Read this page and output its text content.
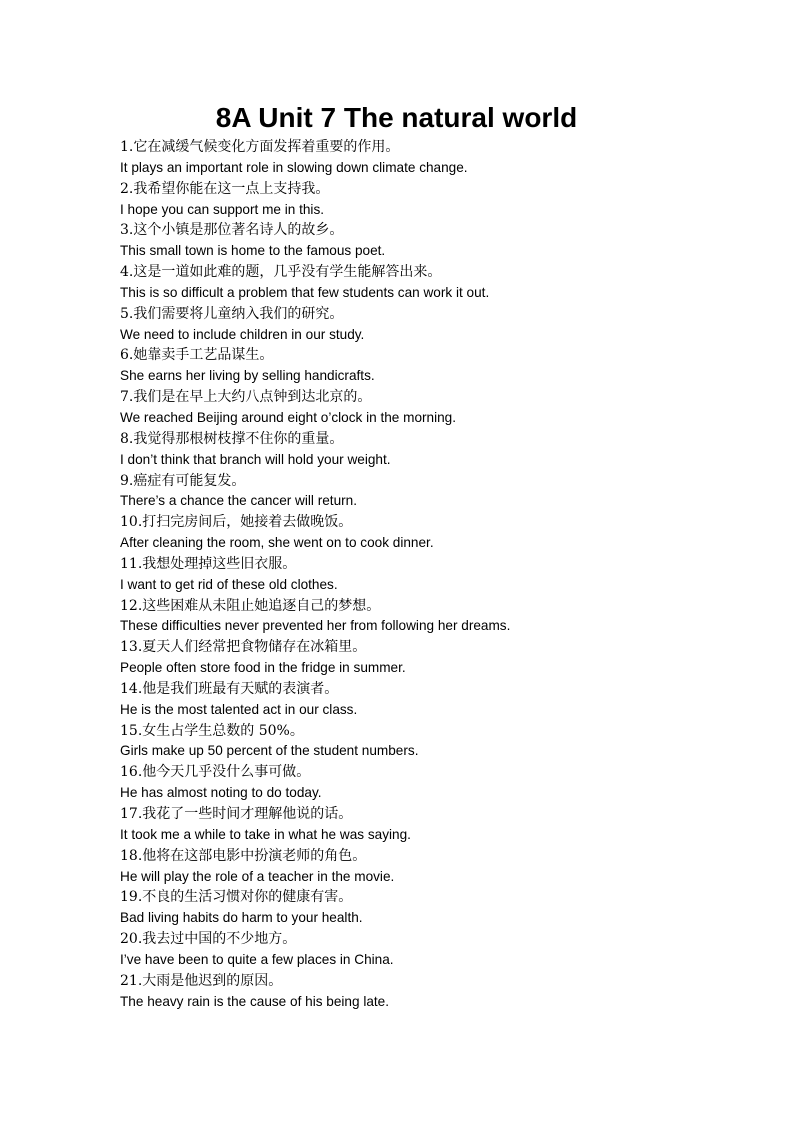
8A Unit 7 The natural world
1.它在减缓气候变化方面发挥着重要的作用。
It plays an important role in slowing down climate change.
2.我希望你能在这一点上支持我。
I hope you can support me in this.
3.这个小镇是那位著名诗人的故乡。
This small town is home to the famous poet.
4.这是一道如此难的题，几乎没有学生能解答出来。
This is so difficult a problem that few students can work it out.
5.我们需要将儿童纳入我们的研究。
We need to include children in our study.
6.她靠卖手工艺品谋生。
She earns her living by selling handicrafts.
7.我们是在早上大约八点钟到达北京的。
We reached Beijing around eight o’clock in the morning.
8.我觉得那根树枝撑不住你的重量。
I don’t think that branch will hold your weight.
9.癌症有可能复发。
There’s a chance the cancer will return.
10.打扫完房间后，她接着去做晚饭。
After cleaning the room, she went on to cook dinner.
11.我想处理掉这些旧衣服。
I want to get rid of these old clothes.
12.这些困难从未阻止她追逐自己的梦想。
These difficulties never prevented her from following her dreams.
13.夏天人们经常把食物储存在冰箱里。
People often store food in the fridge in summer.
14.他是我们班最有天赋的表演者。
He is the most talented act in our class.
15.女生占学生总数的 50%。
Girls make up 50 percent of the student numbers.
16.他今天几乎没什么事可做。
He has almost noting to do today.
17.我花了一些时间才理解他说的话。
It took me a while to take in what he was saying.
18.他将在这部电影中扮演老师的角色。
He will play the role of a teacher in the movie.
19.不良的生活习惯对你的健康有害。
Bad living habits do harm to your health.
20.我去过中国的不少地方。
I’ve have been to quite a few places in China.
21.大雨是他迟到的原因。
The heavy rain is the cause of his being late.
